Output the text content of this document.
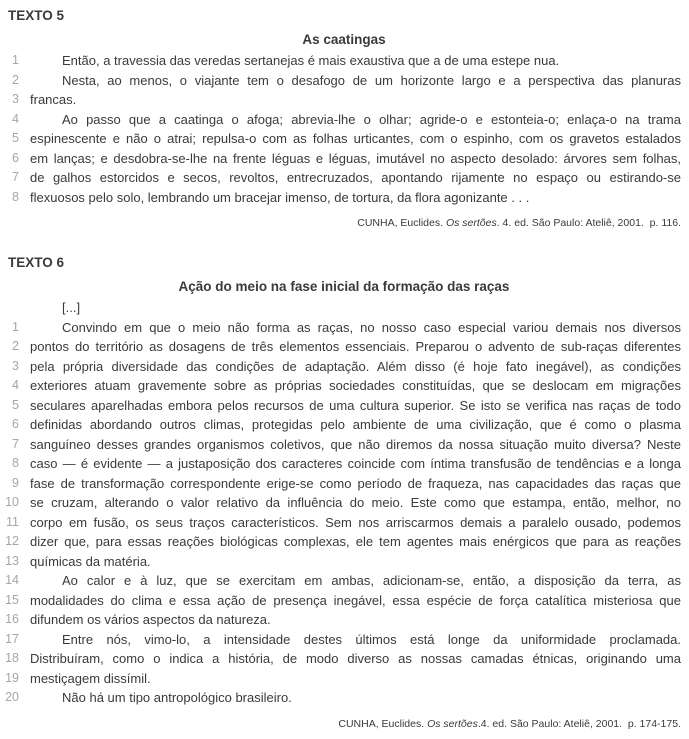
TEXTO 5
As caatingas
1	Então, a travessia das veredas sertanejas é mais exaustiva que a de uma estepe nua.
2	Nesta, ao menos, o viajante tem o desafogo de um horizonte largo e a perspectiva das planuras
3 francas.
4	Ao passo que a caatinga o afoga; abrevia-lhe o olhar; agride-o e estonteia-o; enlaça-o na trama
5 espinescente e não o atrai; repulsa-o com as folhas urticantes, com o espinho, com os gravetos estalados
6 em lanças; e desdobra-se-lhe na frente léguas e léguas, imutável no aspecto desolado: árvores sem folhas,
7 de galhos estorcidos e secos, revoltos, entrecruzados, apontando rijamente no espaço ou estirando-se
8 flexuosos pelo solo, lembrando um bracejar imenso, de tortura, da flora agonizante . . .
CUNHA, Euclides. Os sertões. 4. ed. São Paulo: Ateliê, 2001.  p. 116.
TEXTO 6
Ação do meio na fase inicial da formação das raças
[...]
1	Convindo em que o meio não forma as raças, no nosso caso especial variou demais nos diversos
2 pontos do território as dosagens de três elementos essenciais. Preparou o advento de sub-raças diferentes
3 pela própria diversidade das condições de adaptação. Além disso (é hoje fato inegável), as condições
4 exteriores atuam gravemente sobre as próprias sociedades constituídas, que se deslocam em migrações
5 seculares aparelhadas embora pelos recursos de uma cultura superior. Se isto se verifica nas raças de todo
6 definidas abordando outros climas, protegidas pelo ambiente de uma civilização, que é como o plasma
7 sanguíneo desses grandes organismos coletivos, que não diremos da nossa situação muito diversa? Neste
8 caso — é evidente — a justaposição dos caracteres coincide com íntima transfusão de tendências e a longa
9 fase de transformação correspondente erige-se como período de fraqueza, nas capacidades das raças que
10 se cruzam, alterando o valor relativo da influência do meio. Este como que estampa, então, melhor, no
11 corpo em fusão, os seus traços característicos. Sem nos arriscarmos demais a paralelo ousado, podemos
12 dizer que, para essas reações biológicas complexas, ele tem agentes mais enérgicos que para as reações
13 químicas da matéria.
14	Ao calor e à luz, que se exercitam em ambas, adicionam-se, então, a disposição da terra, as
15 modalidades do clima e essa ação de presença inegável, essa espécie de força catalítica misteriosa que
16 difundem os vários aspectos da natureza.
17	Entre nós, vimo-lo, a intensidade destes últimos está longe da uniformidade proclamada.
18 Distribuíram, como o indica a história, de modo diverso as nossas camadas étnicas, originando uma
19 mestiçagem dissímil.
20	Não há um tipo antropológico brasileiro.
CUNHA, Euclides. Os sertões.4. ed. São Paulo: Ateliê, 2001.  p. 174-175.
